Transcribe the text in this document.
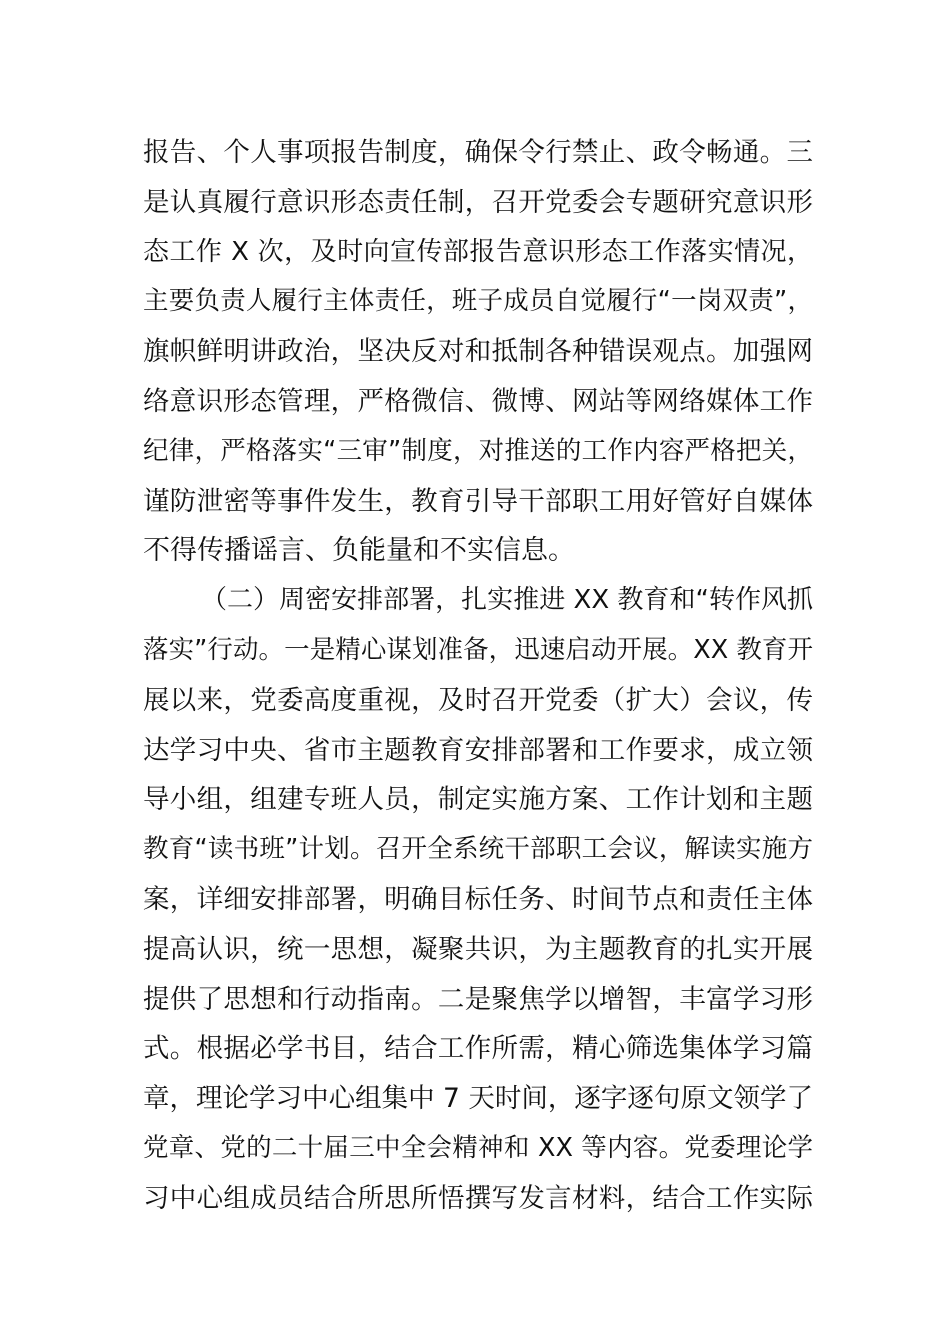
报告、个人事项报告制度，确保令行禁止、政令畅通。三
是认真履行意识形态责任制，召开党委会专题研究意识形
态工作 X 次，及时向宣传部报告意识形态工作落实情况，
主要负责人履行主体责任，班子成员自觉履行“一岗双责”，
旗帜鲜明讲政治，坚决反对和抵制各种错误观点。加强网
络意识形态管理，严格微信、微博、网站等网络媒体工作
纪律，严格落实“三审”制度，对推送的工作内容严格把关，
谨防泄密等事件发生，教育引导干部职工用好管好自媒体
不得传播谣言、负能量和不实信息。
（二）周密安排部署，扎实推进 XX 教育和“转作风抓
落实”行动。一是精心谋划准备，迅速启动开展。XX 教育开
展以来，党委高度重视，及时召开党委（扩大）会议，传
达学习中央、省市主题教育安排部署和工作要求，成立领
导小组，组建专班人员，制定实施方案、工作计划和主题
教育“读书班”计划。召开全系统干部职工会议，解读实施方
案，详细安排部署，明确目标任务、时间节点和责任主体
提高认识，统一思想，凝聚共识，为主题教育的扎实开展
提供了思想和行动指南。二是聚焦学以增智，丰富学习形
式。根据必学书目，结合工作所需，精心筛选集体学习篇
章，理论学习中心组集中 7 天时间，逐字逐句原文领学了
党章、党的二十届三中全会精神和 XX 等内容。党委理论学
习中心组成员结合所思所悟撰写发言材料，结合工作实际
